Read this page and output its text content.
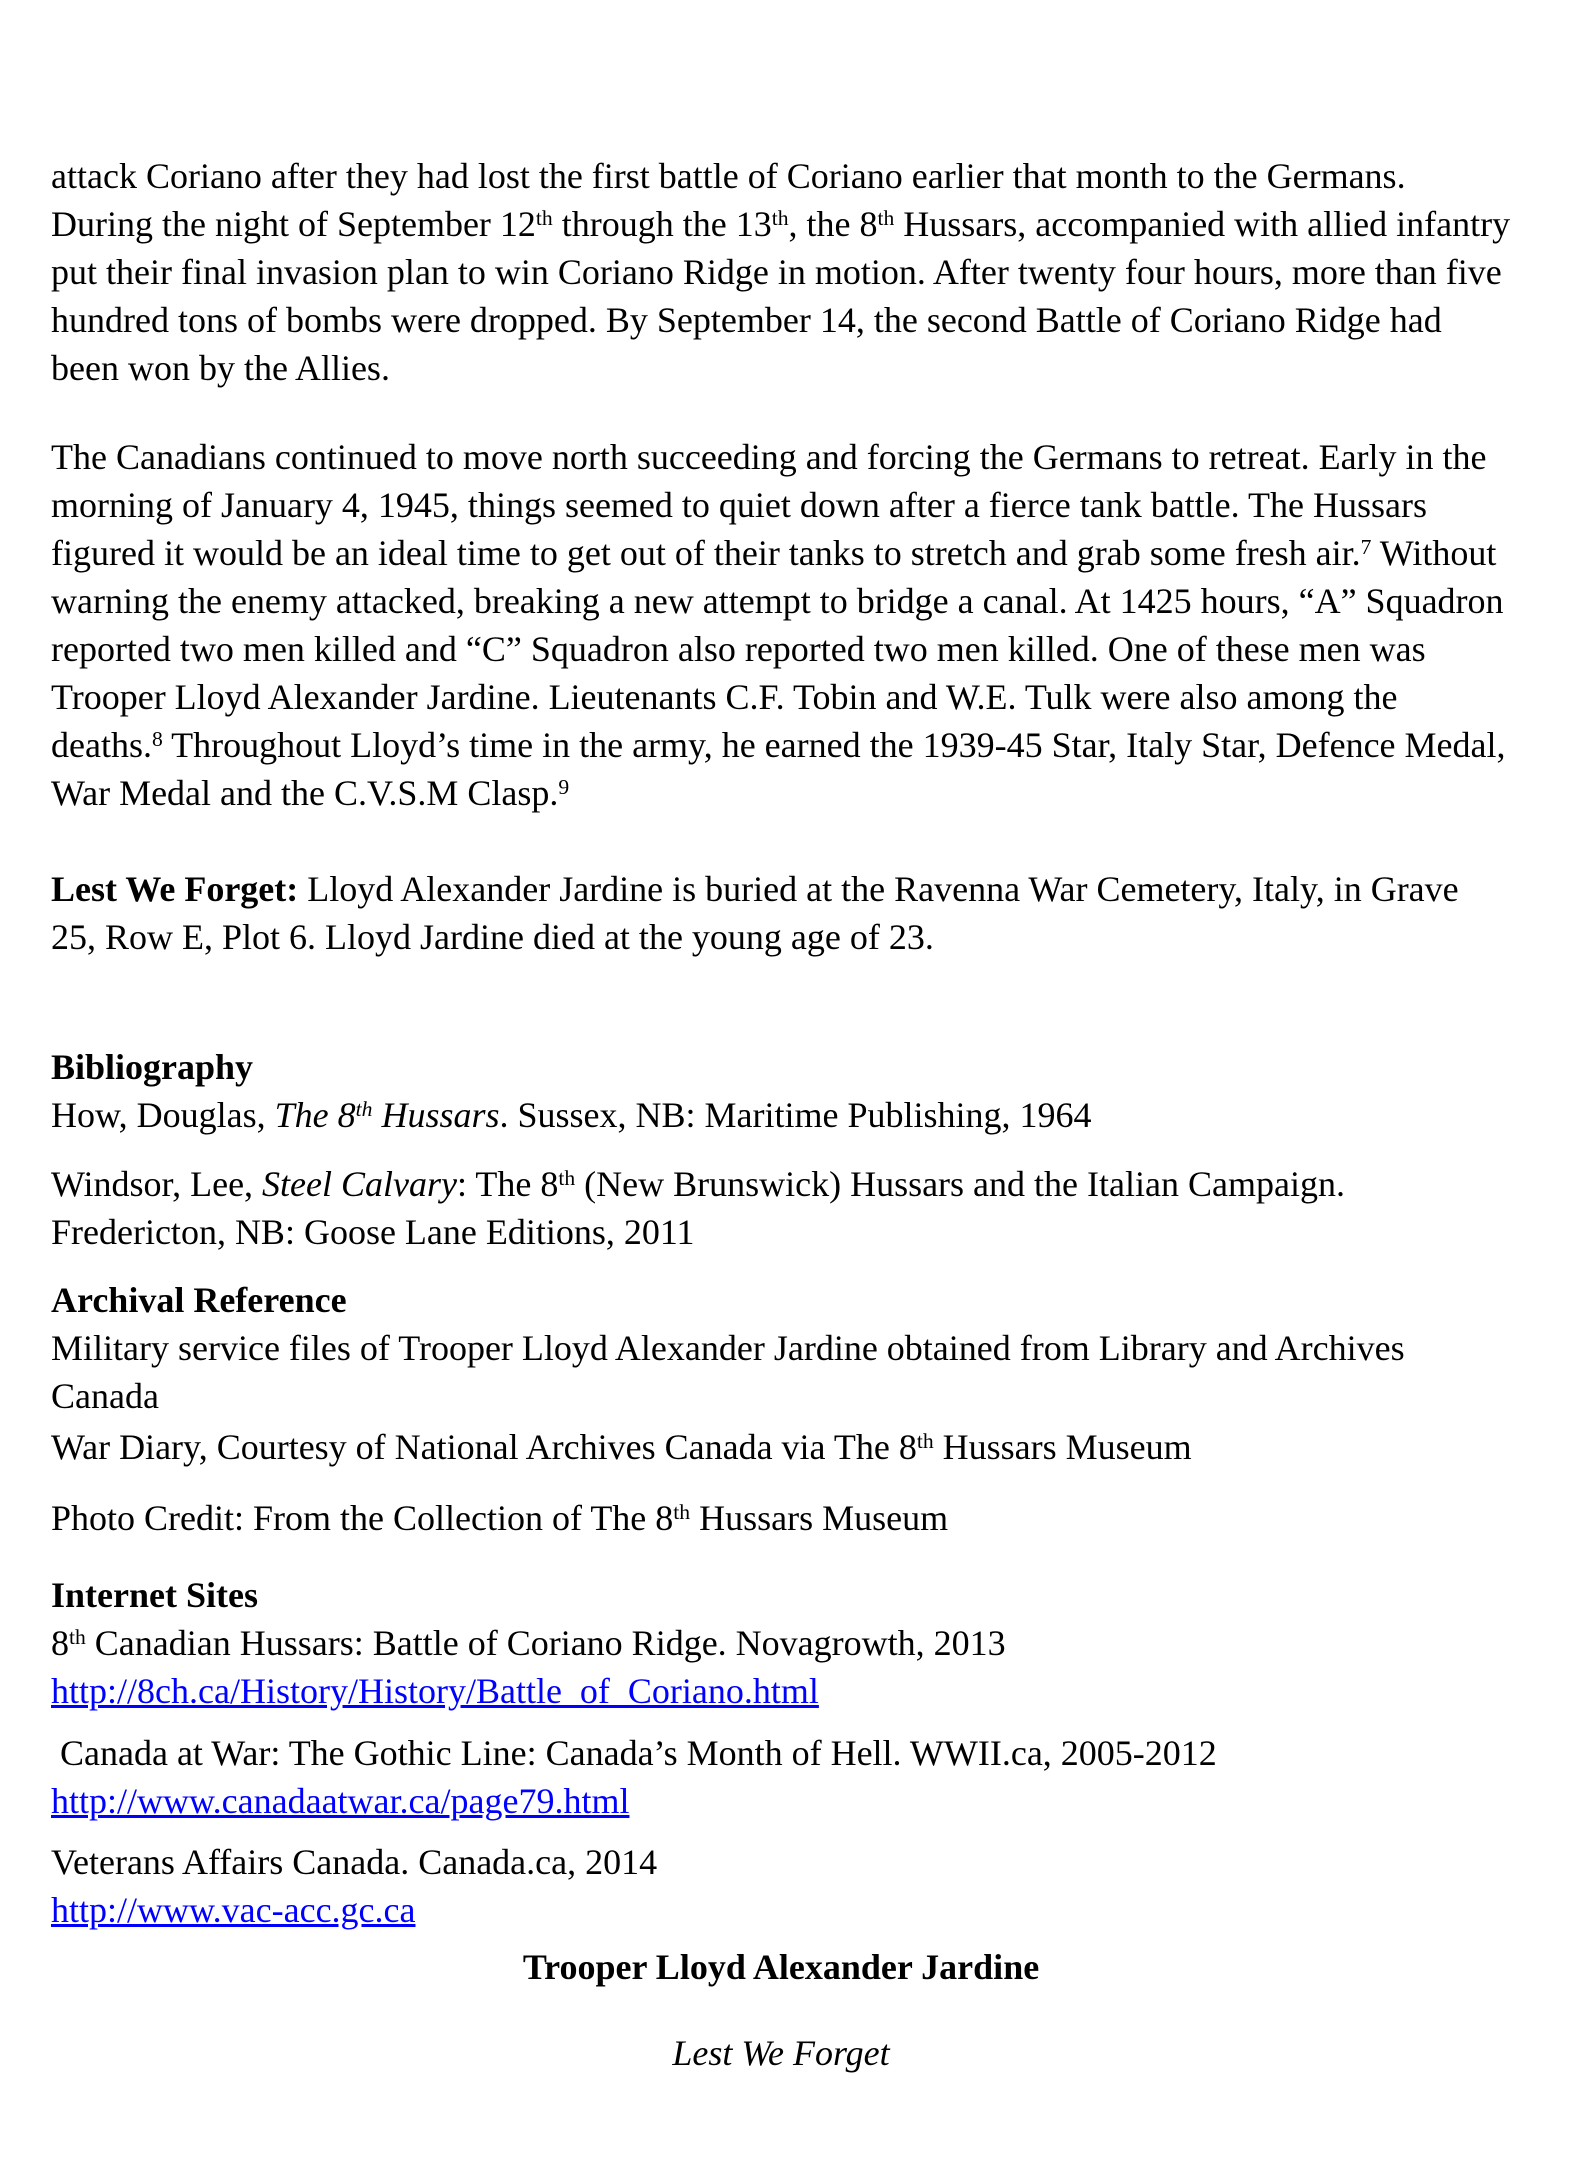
attack Coriano after they had lost the first battle of Coriano earlier that month to the Germans. During the night of September 12th through the 13th, the 8th Hussars, accompanied with allied infantry put their final invasion plan to win Coriano Ridge in motion. After twenty four hours, more than five hundred tons of bombs were dropped. By September 14, the second Battle of Coriano Ridge had been won by the Allies.

The Canadians continued to move north succeeding and forcing the Germans to retreat. Early in the morning of January 4, 1945, things seemed to quiet down after a fierce tank battle. The Hussars figured it would be an ideal time to get out of their tanks to stretch and grab some fresh air.$^7$ Without warning the enemy attacked, breaking a new attempt to bridge a canal. At 1425 hours, “A” Squadron reported two men killed and “C” Squadron also reported two men killed. One of these men was Trooper Lloyd Alexander Jardine. Lieutenants C.F. Tobin and W.E. Tulk were also among the deaths.$^8$ Throughout Lloyd’s time in the army, he earned the 1939-45 Star, Italy Star, Defence Medal, War Medal and the C.V.S.M Clasp.$^9$

Lest We Forget: Lloyd Alexander Jardine is buried at the Ravenna War Cemetery, Italy, in Grave 25, Row E, Plot 6. Lloyd Jardine died at the young age of 23.

Bibliography

How, Douglas, The 8th Hussars. Sussex, NB: Maritime Publishing, 1964

Windsor, Lee, Steel Calvary: The 8th (New Brunswick) Hussars and the Italian Campaign. Fredericton, NB: Goose Lane Editions, 2011

Archival Reference

Military service files of Trooper Lloyd Alexander Jardine obtained from Library and Archives Canada

War Diary, Courtesy of National Archives Canada via The 8th Hussars Museum

Photo Credit: From the Collection of The 8th Hussars Museum

Internet Sites

8th Canadian Hussars: Battle of Coriano Ridge. Novagrowth, 2013

http://8ch.ca/History/History/Battle_of_Coriano.html

Canada at War: The Gothic Line: Canada’s Month of Hell. WWII.ca, 2005-2012

http://www.canadaatwar.ca/page79.html

Veterans Affairs Canada. Canada.ca, 2014

http://www.vac-acc.gc.ca

Trooper Lloyd Alexander Jardine

Lest We Forget
